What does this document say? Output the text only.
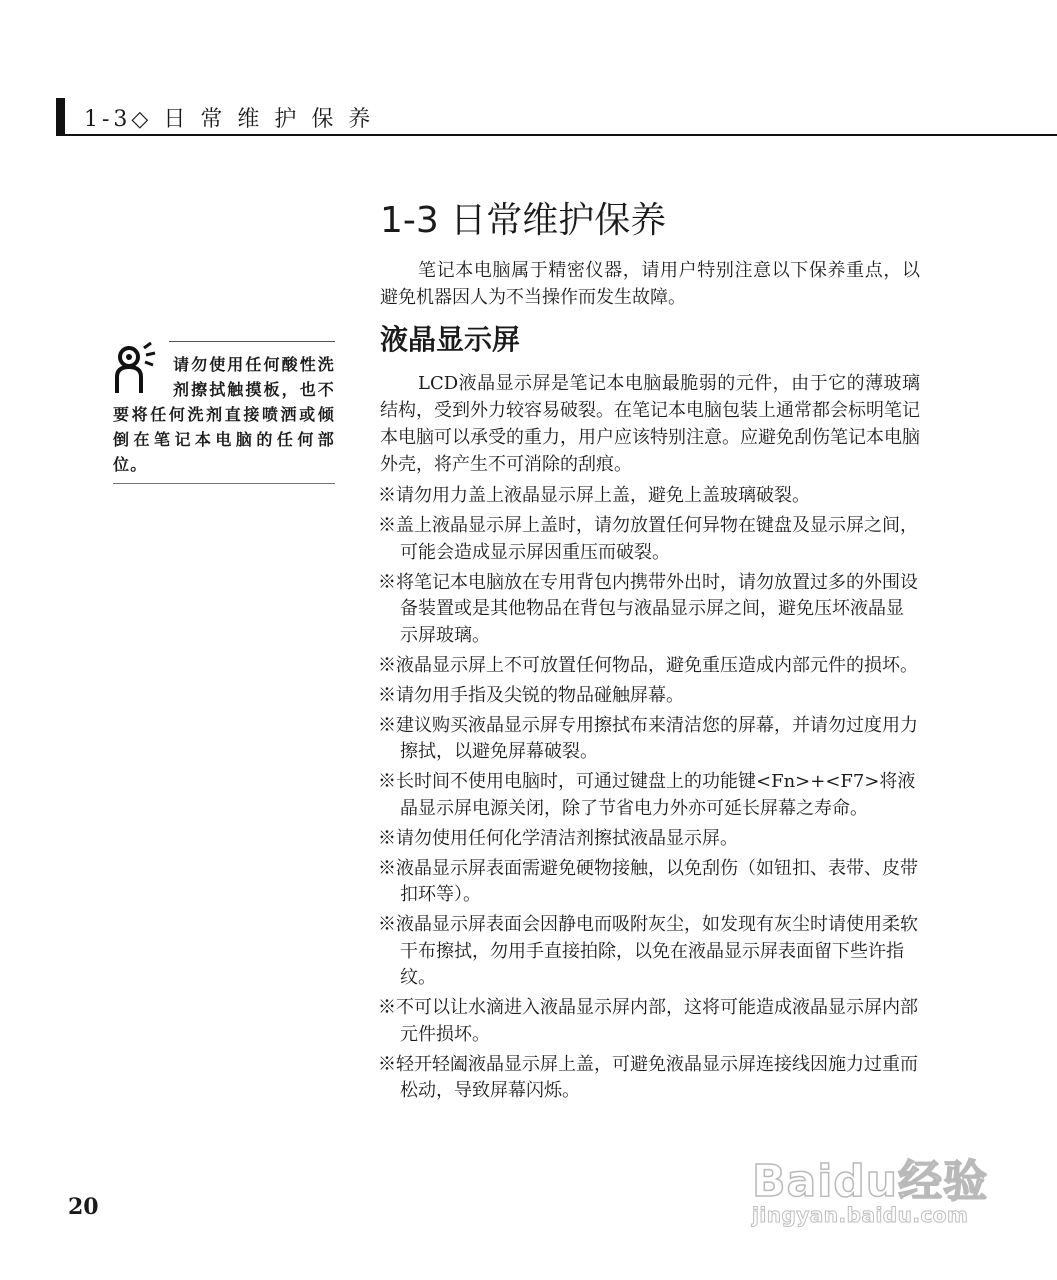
1-3◇ 日 常 维 护 保 养
1-3 日常维护保养

笔记本电脑属于精密仪器，请用户特别注意以下保养重点，以避免机器因人为不当操作而发生故障。

液晶显示屏

LCD液晶显示屏是笔记本电脑最脆弱的元件，由于它的薄玻璃结构，受到外力较容易破裂。在笔记本电脑包装上通常都会标明笔记本电脑可以承受的重力，用户应该特别注意。应避免刮伤笔记本电脑外壳，将产生不可消除的刮痕。

※请勿用力盖上液晶显示屏上盖，避免上盖玻璃破裂。
※盖上液晶显示屏上盖时，请勿放置任何异物在键盘及显示屏之间，可能会造成显示屏因重压而破裂。
※将笔记本电脑放在专用背包内携带外出时，请勿放置过多的外围设备装置或是其他物品在背包与液晶显示屏之间，避免压坏液晶显示屏玻璃。
※液晶显示屏上不可放置任何物品，避免重压造成内部元件的损坏。
※请勿用手指及尖锐的物品碰触屏幕。
※建议购买液晶显示屏专用擦拭布来清洁您的屏幕，并请勿过度用力擦拭，以避免屏幕破裂。
※长时间不使用电脑时，可通过键盘上的功能键<Fn>+<F7>将液晶显示屏电源关闭，除了节省电力外亦可延长屏幕之寿命。
※请勿使用任何化学清洁剂擦拭液晶显示屏。
※液晶显示屏表面需避免硬物接触，以免刮伤（如钮扣、表带、皮带扣环等）。
※液晶显示屏表面会因静电而吸附灰尘，如发现有灰尘时请使用柔软干布擦拭，勿用手直接拍除，以免在液晶显示屏表面留下些许指纹。
※不可以让水滴进入液晶显示屏内部，这将可能造成液晶显示屏内部元件损坏。
※轻开轻阖液晶显示屏上盖，可避免液晶显示屏连接线因施力过重而松动，导致屏幕闪烁。

请勿使用任何酸性洗剂擦拭触摸板，也不要将任何洗剂直接喷洒或倾倒在笔记本电脑的任何部位。

20	Baidu经验
jingyan.baidu.com
